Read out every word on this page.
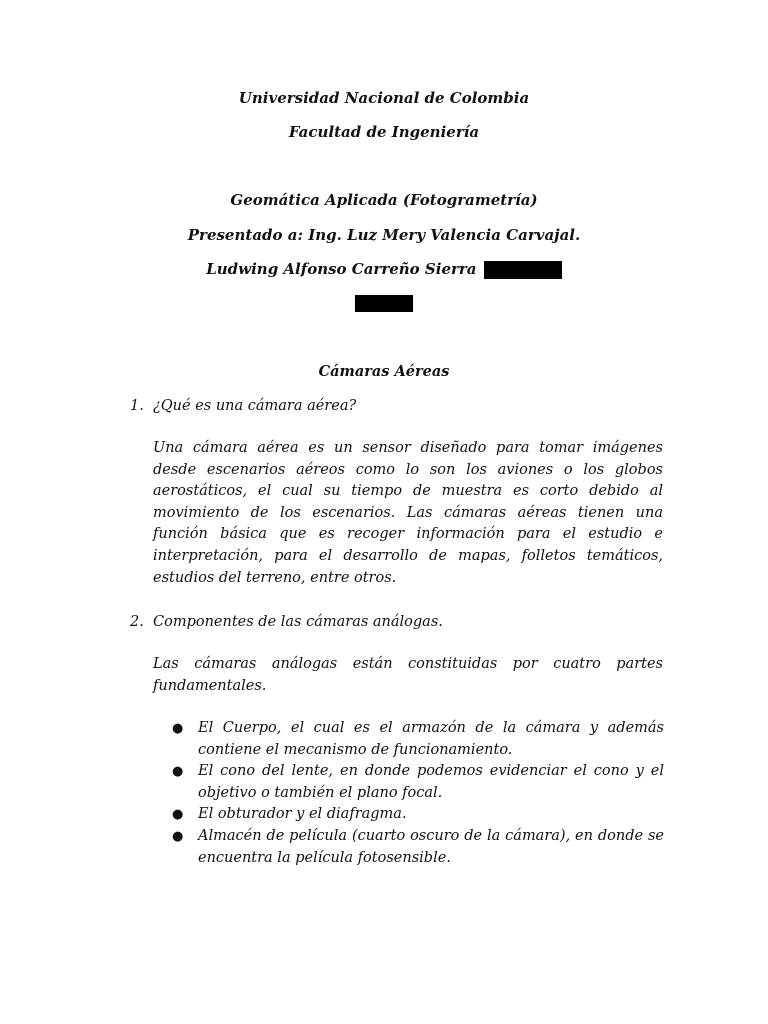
Universidad Nacional de Colombia
Facultad de Ingeniería
Geomática Aplicada (Fotogrametría)
Presentado a: Ing. Luz Mery Valencia Carvajal.
Ludwing Alfonso Carreño Sierra
Cámaras Aéreas
1. ¿Qué es una cámara aérea?
Una cámara aérea es un sensor diseñado para tomar imágenes desde escenarios aéreos como lo son los aviones o los globos aerostáticos, el cual su tiempo de muestra es corto debido al movimiento de los escenarios. Las cámaras aéreas tienen una función básica que es recoger información para el estudio e interpretación, para el desarrollo de mapas, folletos temáticos, estudios del terreno, entre otros.
2. Componentes de las cámaras análogas.
Las cámaras análogas están constituidas por cuatro partes fundamentales.
● El Cuerpo, el cual es el armazón de la cámara y además contiene el mecanismo de funcionamiento.
● El cono del lente, en donde podemos evidenciar el cono y el objetivo o también el plano focal.
● El obturador y el diafragma.
● Almacén de película (cuarto oscuro de la cámara), en donde se encuentra la película fotosensible.
